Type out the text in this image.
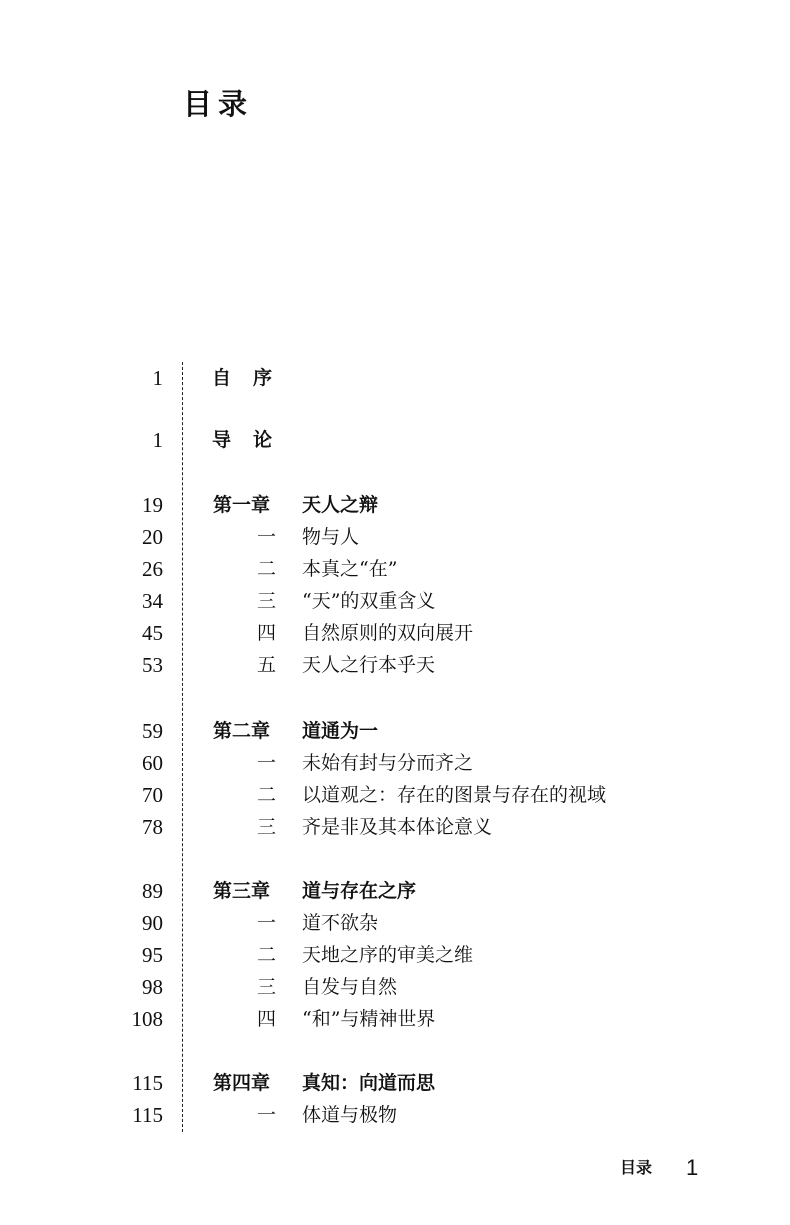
目录
1	自序
1	导论
19	第一章 天人之辩
20	一 物与人
26	二 本真之“在”
34	三 “天”的双重含义
45	四 自然原则的双向展开
53	五 天人之行本乎天
59	第二章 道通为一
60	一 未始有封与分而齐之
70	二 以道观之：存在的图景与存在的视域
78	三 齐是非及其本体论意义
89	第三章 道与存在之序
90	一 道不欲杂
95	二 天地之序的审美之维
98	三 自发与自然
108	四 “和”与精神世界
115	第四章 真知：向道而思
115	一 体道与极物
目录 1
